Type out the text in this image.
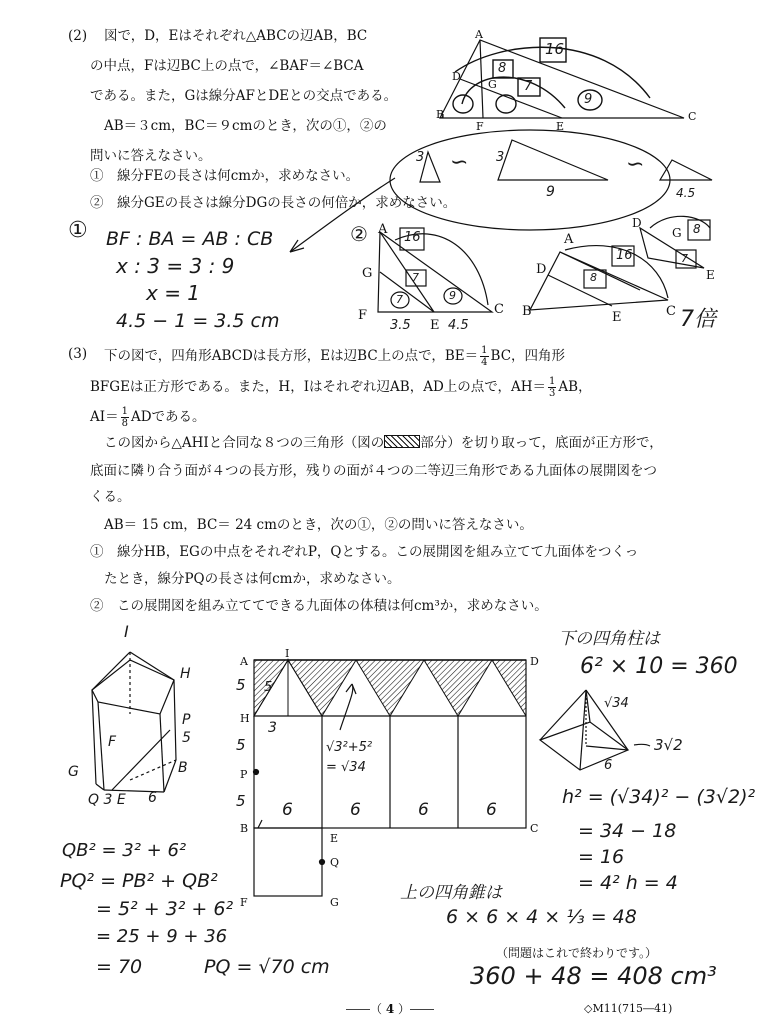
(2) 図で，D，Eはそれぞれ△ABCの辺AB，BC
の中点，Fは辺BC上の点で，∠BAF＝∠BCA
である。また，Gは線分AFとDEとの交点である。
AB＝３cm，BC＝９cmのとき，次の①，②の
問いに答えなさい。
①　線分FEの長さは何cmか，求めなさい。
②　線分GEの長さは線分DGの長さの何倍か，求めなさい。
A
D
G
B
F	E
C
16
8
7
9
3 ∽ 3
9
∽
4.5
① BF : BA = AB : CB
x : 3 = 3 : 9
x = 1
4.5 − 1 = 3.5 cm
② A
G
F
E
C
16
7
7	9
3.5	4.5
A
D
B	E	C
16
8
D
G
E
8
7
7倍
(3) 下の図で，四角形ABCDは長方形，Eは辺BC上の点で，$BE= \frac{1}{4}$ BC，四角形
BFGEは正方形である。また，H，Iはそれぞれ辺AB，AD上の点で，$AH= \frac{1}{3}$ AB，
$AI= \frac{1}{8}$ ADである。
この図から△AHIと合同な８つの三角形（図の	部分）を切り取って，底面が正方形で，
底面に隣り合う面が４つの長方形，残りの面が４つの二等辺三角形である九面体の展開図をつ
くる。
AB＝ 15 cm，BC＝ 24 cmのとき，次の①，②の問いに答えなさい。
①　線分HB，EGの中点をそれぞれP，Qとする。この展開図を組み立てて九面体をつくっ
たとき，線分PQの長さは何cmか，求めなさい。
②　この展開図を組み立ててできる九面体の体積は何cm³か，求めなさい。
A
I
D
H
P
B
E
C
Q
F	G
5
5
5
3
5
6	6	6	6
√3²+5²
= √34
I
H
P
5
B
F
G
Q 3 E 6
QB² = 3² + 6²
PQ² = PB² + QB²
= 5² + 3² + 6²
= 25 + 9 + 36
= 70	PQ = √70 cm
下の四角柱は
6² × 10 = 360
√34
3√2
6
h² = (√34)² − (3√2)²
= 34 − 18
= 16
= 4² h = 4
上の四角錐は
6 × 6 × 4 × ⅓ = 48
360 + 48 = 408 cm³
（問題はこれで終わりです。）
――（ 4 ）――	◇M11(715―41)
